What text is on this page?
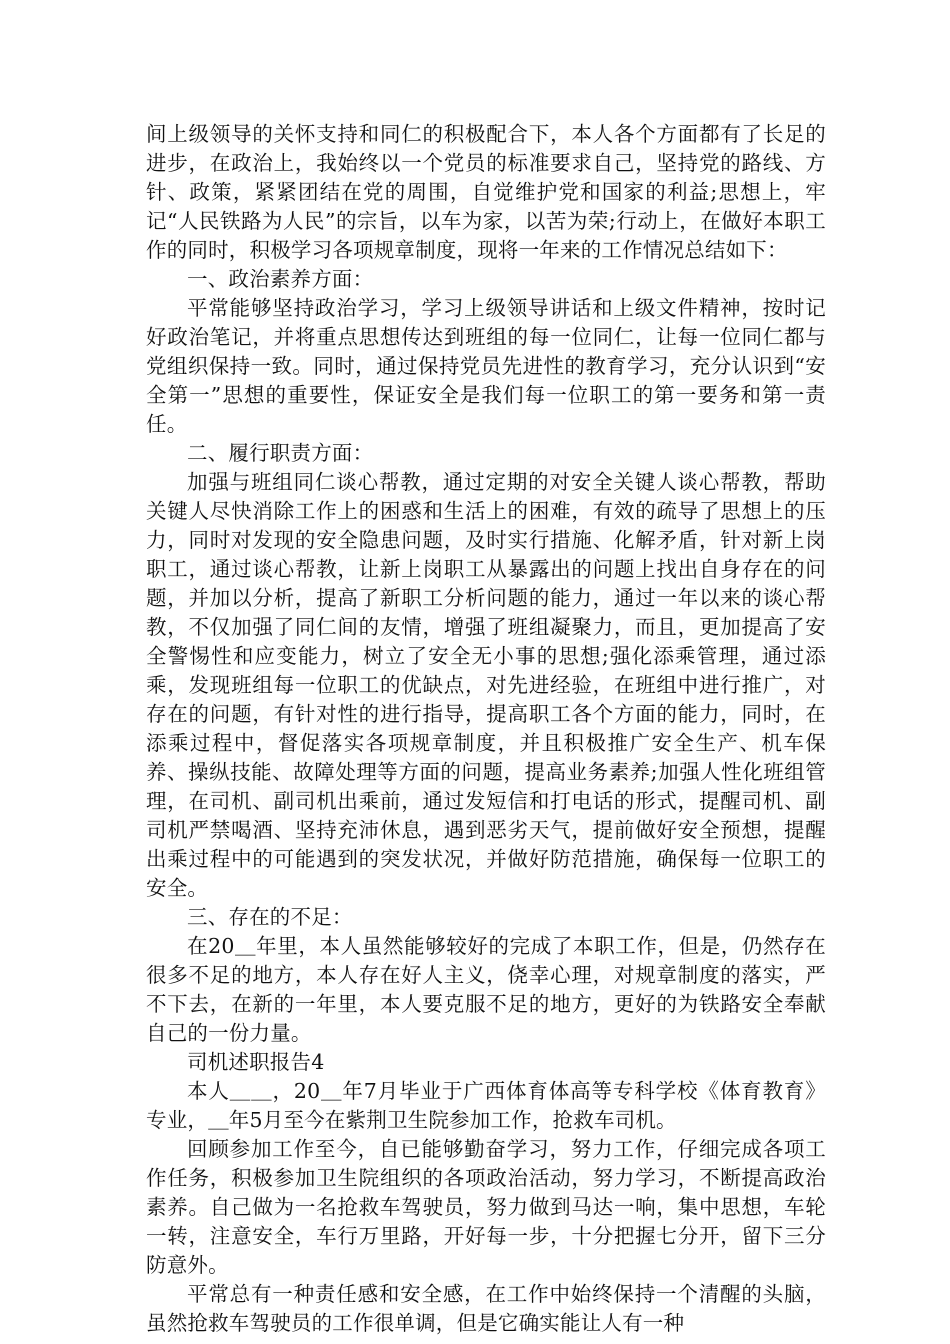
间上级领导的关怀支持和同仁的积极配合下，本人各个方面都有了长足的进步，在政治上，我始终以一个党员的标准要求自己，坚持党的路线、方针、政策，紧紧团结在党的周围，自觉维护党和国家的利益;思想上，牢记“人民铁路为人民”的宗旨，以车为家，以苦为荣;行动上，在做好本职工作的同时，积极学习各项规章制度，现将一年来的工作情况总结如下：

一、政治素养方面：

平常能够坚持政治学习，学习上级领导讲话和上级文件精神，按时记好政治笔记，并将重点思想传达到班组的每一位同仁，让每一位同仁都与党组织保持一致。同时，通过保持党员先进性的教育学习，充分认识到“安全第一”思想的重要性，保证安全是我们每一位职工的第一要务和第一责任。

二、履行职责方面：

加强与班组同仁谈心帮教，通过定期的对安全关键人谈心帮教，帮助关键人尽快消除工作上的困惑和生活上的困难，有效的疏导了思想上的压力，同时对发现的安全隐患问题，及时实行措施、化解矛盾，针对新上岗职工，通过谈心帮教，让新上岗职工从暴露出的问题上找出自身存在的问题，并加以分析，提高了新职工分析问题的能力，通过一年以来的谈心帮教，不仅加强了同仁间的友情，增强了班组凝聚力，而且，更加提高了安全警惕性和应变能力，树立了安全无小事的思想;强化添乘管理，通过添乘，发现班组每一位职工的优缺点，对先进经验，在班组中进行推广，对存在的问题，有针对性的进行指导，提高职工各个方面的能力，同时，在添乘过程中，督促落实各项规章制度，并且积极推广安全生产、机车保养、操纵技能、故障处理等方面的问题，提高业务素养;加强人性化班组管理，在司机、副司机出乘前，通过发短信和打电话的形式，提醒司机、副司机严禁喝酒、坚持充沛休息，遇到恶劣天气，提前做好安全预想，提醒出乘过程中的可能遇到的突发状况，并做好防范措施，确保每一位职工的安全。

三、存在的不足：

在20＿年里，本人虽然能够较好的完成了本职工作，但是，仍然存在很多不足的地方，本人存在好人主义，侥幸心理，对规章制度的落实，严不下去，在新的一年里，本人要克服不足的地方，更好的为铁路安全奉献自己的一份力量。

司机述职报告4

本人＿＿，20＿年7月毕业于广西体育体高等专科学校《体育教育》专业，＿年5月至今在紫荆卫生院参加工作，抢救车司机。

回顾参加工作至今，自已能够勤奋学习，努力工作，仔细完成各项工作任务，积极参加卫生院组织的各项政治活动，努力学习，不断提高政治素养。自己做为一名抢救车驾驶员，努力做到马达一响，集中思想，车轮一转，注意安全，车行万里路，开好每一步，十分把握七分开，留下三分防意外。

平常总有一种责任感和安全感，在工作中始终保持一个清醒的头脑，虽然抢救车驾驶员的工作很单调，但是它确实能让人有一种
